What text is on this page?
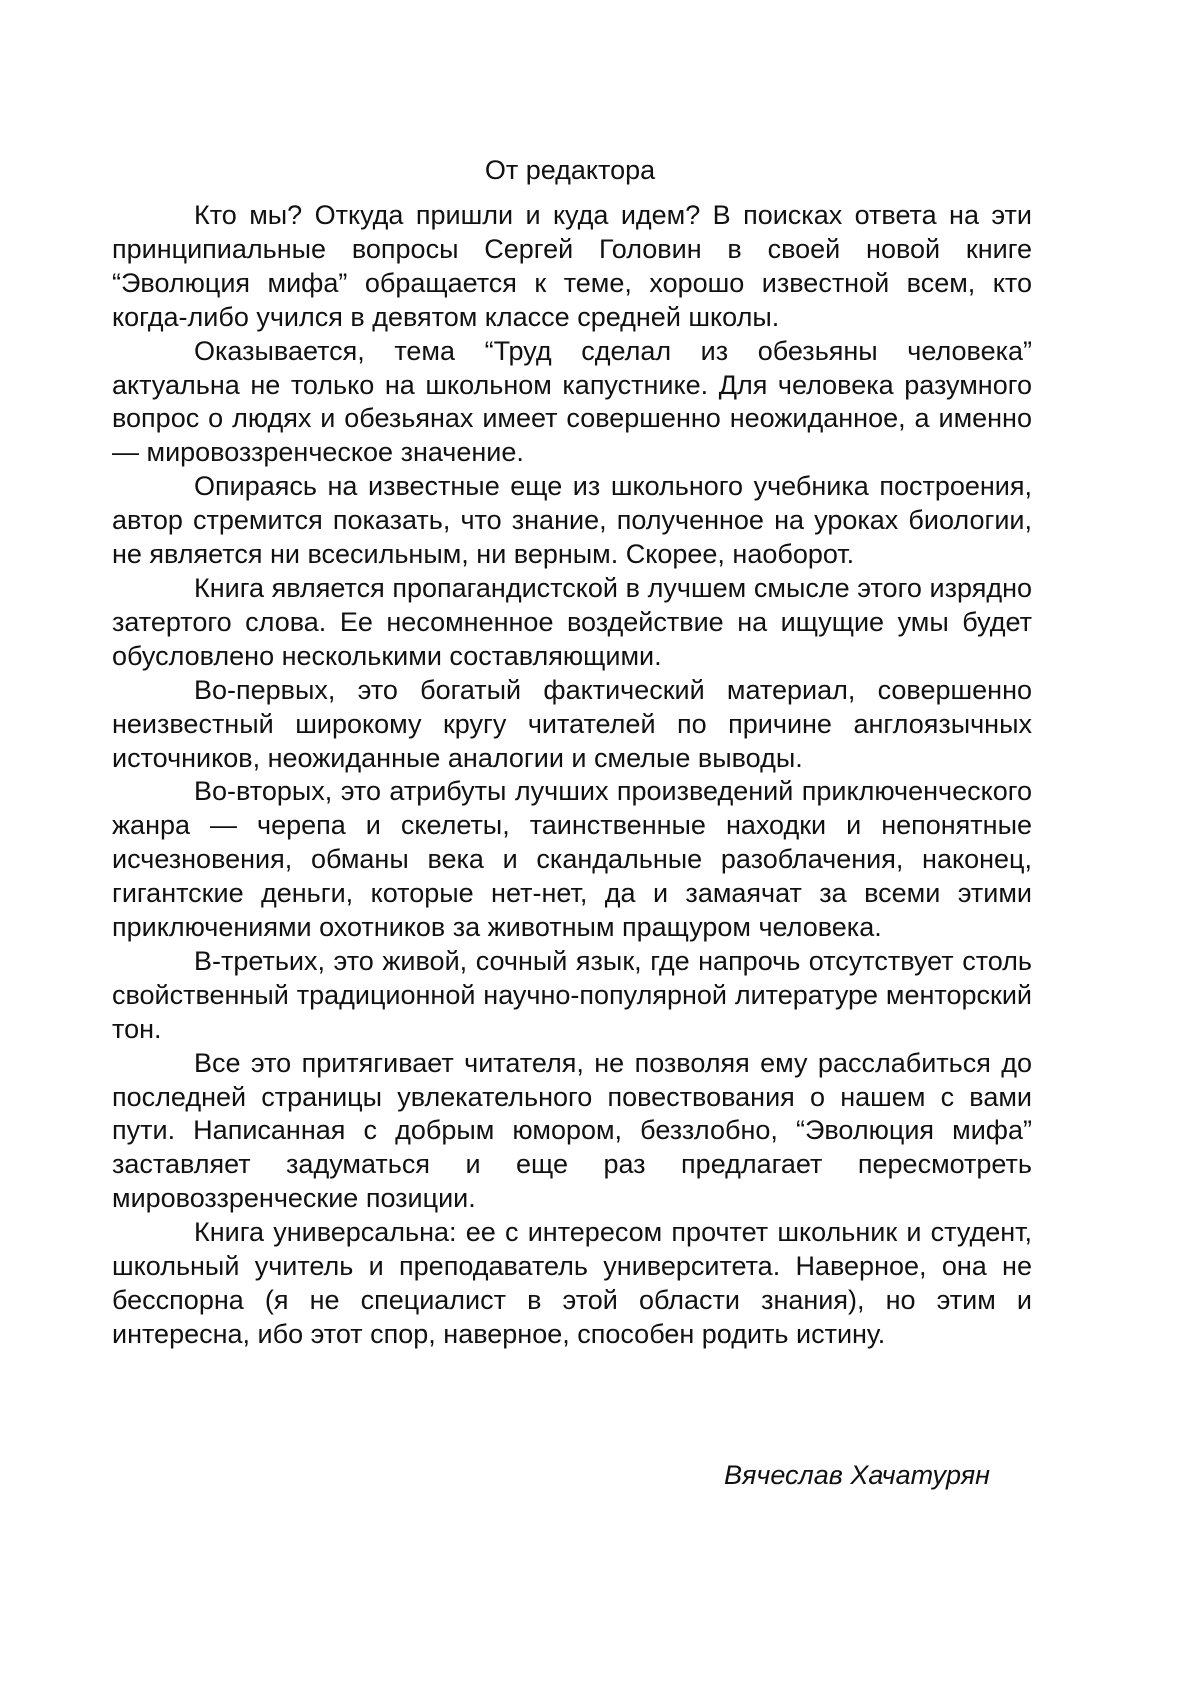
От редактора

Кто мы? Откуда пришли и куда идем? В поисках ответа на эти принципиальные вопросы Сергей Головин в своей новой книге “Эволюция мифа” обращается к теме, хорошо известной всем, кто когда-либо учился в девятом классе средней школы.

Оказывается, тема “Труд сделал из обезьяны человека” актуальна не только на школьном капустнике. Для человека разумного вопрос о людях и обезьянах имеет совершенно неожиданное, а именно — мировоззренческое значение.

Опираясь на известные еще из школьного учебника построения, автор стремится показать, что знание, полученное на уроках биологии, не является ни всесильным, ни верным. Скорее, наоборот.

Книга является пропагандистской в лучшем смысле этого изрядно затертого слова. Ее несомненное воздействие на ищущие умы будет обусловлено несколькими составляющими.

Во-первых, это богатый фактический материал, совершенно неизвестный широкому кругу читателей по причине англоязычных источников, неожиданные аналогии и смелые выводы.

Во-вторых, это атрибуты лучших произведений приключенческого жанра — черепа и скелеты, таинственные находки и непонятные исчезновения, обманы века и скандальные разоблачения, наконец, гигантские деньги, которые нет-нет, да и замаячат за всеми этими приключениями охотников за животным пращуром человека.

В-третьих, это живой, сочный язык, где напрочь отсутствует столь свойственный традиционной научно-популярной литературе менторский тон.

Все это притягивает читателя, не позволяя ему расслабиться до последней страницы увлекательного повествования о нашем с вами пути. Написанная с добрым юмором, беззлобно, “Эволюция мифа” заставляет задуматься и еще раз предлагает пересмотреть мировоззренческие позиции.

Книга универсальна: ее с интересом прочтет школьник и студент, школьный учитель и преподаватель университета. Наверное, она не бесспорна (я не специалист в этой области знания), но этим и интересна, ибо этот спор, наверное, способен родить истину.

Вячеслав Хачатурян
